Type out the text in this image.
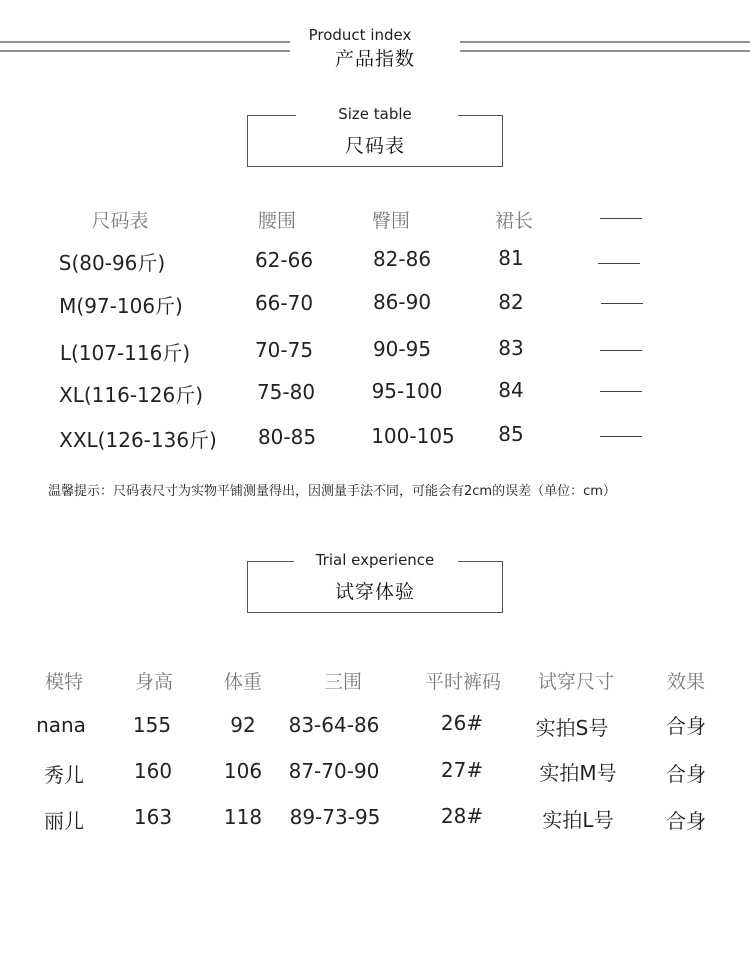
Product index
产品指数
Size table
尺码表
尺码表	腰围	臀围	裙长
S(80-96斤)	62-66	82-86	81
M(97-106斤)	66-70	86-90	82
L(107-116斤)	70-75	90-95	83
XL(116-126斤)	75-80	95-100	84
XXL(126-136斤) 80-85	100-105 85
温馨提示：尺码表尺寸为实物平铺测量得出，因测量手法不同，可能会有2cm的误差（单位：cm）
Trial experience
试穿体验
模特	身高	体重	三围	平时裤码 试穿尺寸	效果
nana 155	92 83-64-86	26#	实拍S号	合身
秀儿 160	106 87-70-90	27#	实拍M号 合身
丽儿 163	118 89-73-95	28#	实拍L号	合身
